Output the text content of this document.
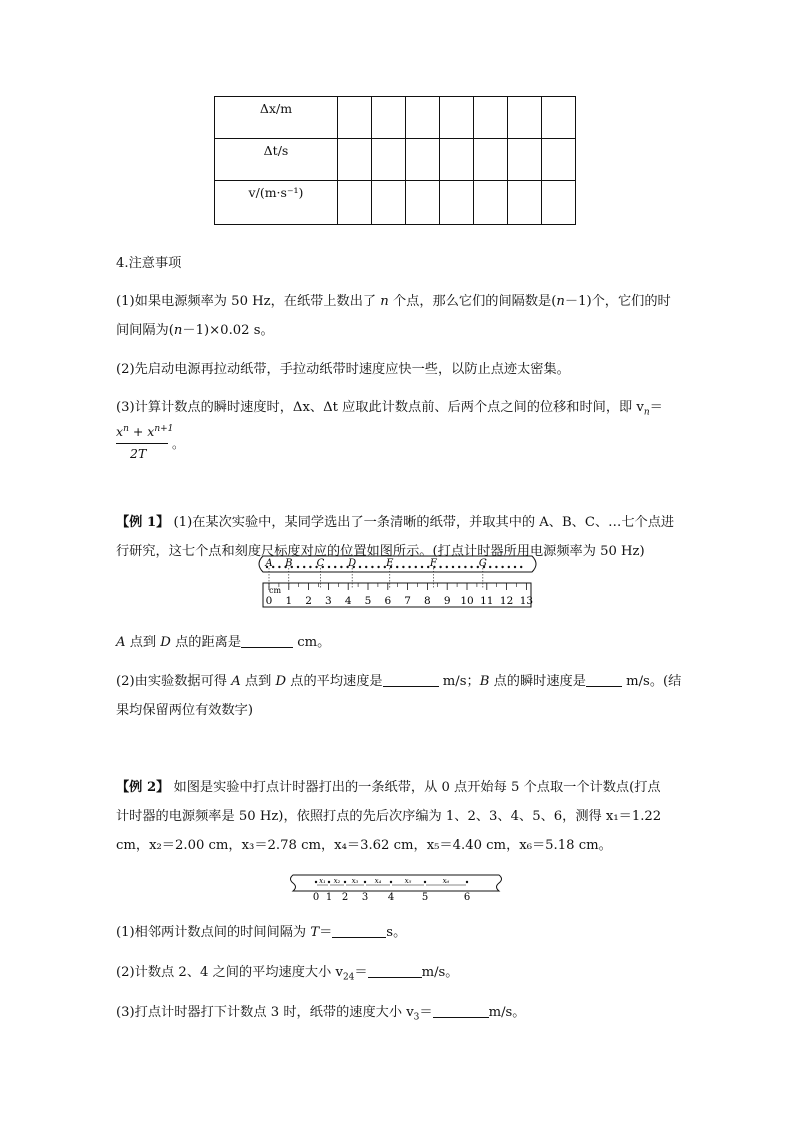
Δx/m							
Δt/s							
v/(m·s⁻¹)							
4.注意事项
(1)如果电源频率为 50 Hz，在纸带上数出了 n 个点，那么它们的间隔数是(n－1)个，它们的时
间间隔为(n－1)×0.02 s。
(2)先启动电源再拉动纸带，手拉动纸带时速度应快一些，以防止点迹太密集。
(3)计算计数点的瞬时速度时，Δx、Δt 应取此计数点前、后两个点之间的位移和时间，即 $v_n=$
$x^n + x^{n+1}$
2T
。
【例 1】 (1)在某次实验中，某同学选出了一条清晰的纸带，并取其中的 A、B、C、…七个点进
行研究，这七个点和刻度尺标度对应的位置如图所示。(打点计时器所用电源频率为 50 Hz)
A B C D	E	F	G
0 1 2 3 4 5 6 7 8 9 10 11 12 13
cm
A 点到 D 点的距离是	cm。
(2)由实验数据可得 A 点到 D 点的平均速度是	m/s；B 点的瞬时速度是	m/s。(结
果均保留两位有效数字)
【例 2】 如图是实验中打点计时器打出的一条纸带，从 0 点开始每 5 个点取一个计数点(打点
计时器的电源频率是 50 Hz)，依照打点的先后次序编为 1、2、3、4、5、6，测得 x₁＝1.22
cm，x₂＝2.00 cm，x₃＝2.78 cm，x₄＝3.62 cm，x₅＝4.40 cm，x₆＝5.18 cm。
0 1 2 3 4	5	6
x₁ x₂ x₃ x₄	x₅	x₆
(1)相邻两计数点间的时间间隔为 T＝	s。
(2)计数点 2、4 之间的平均速度大小 $v_{24}=$	m/s。
(3)打点计时器打下计数点 3 时，纸带的速度大小 $v_3=$	m/s。
